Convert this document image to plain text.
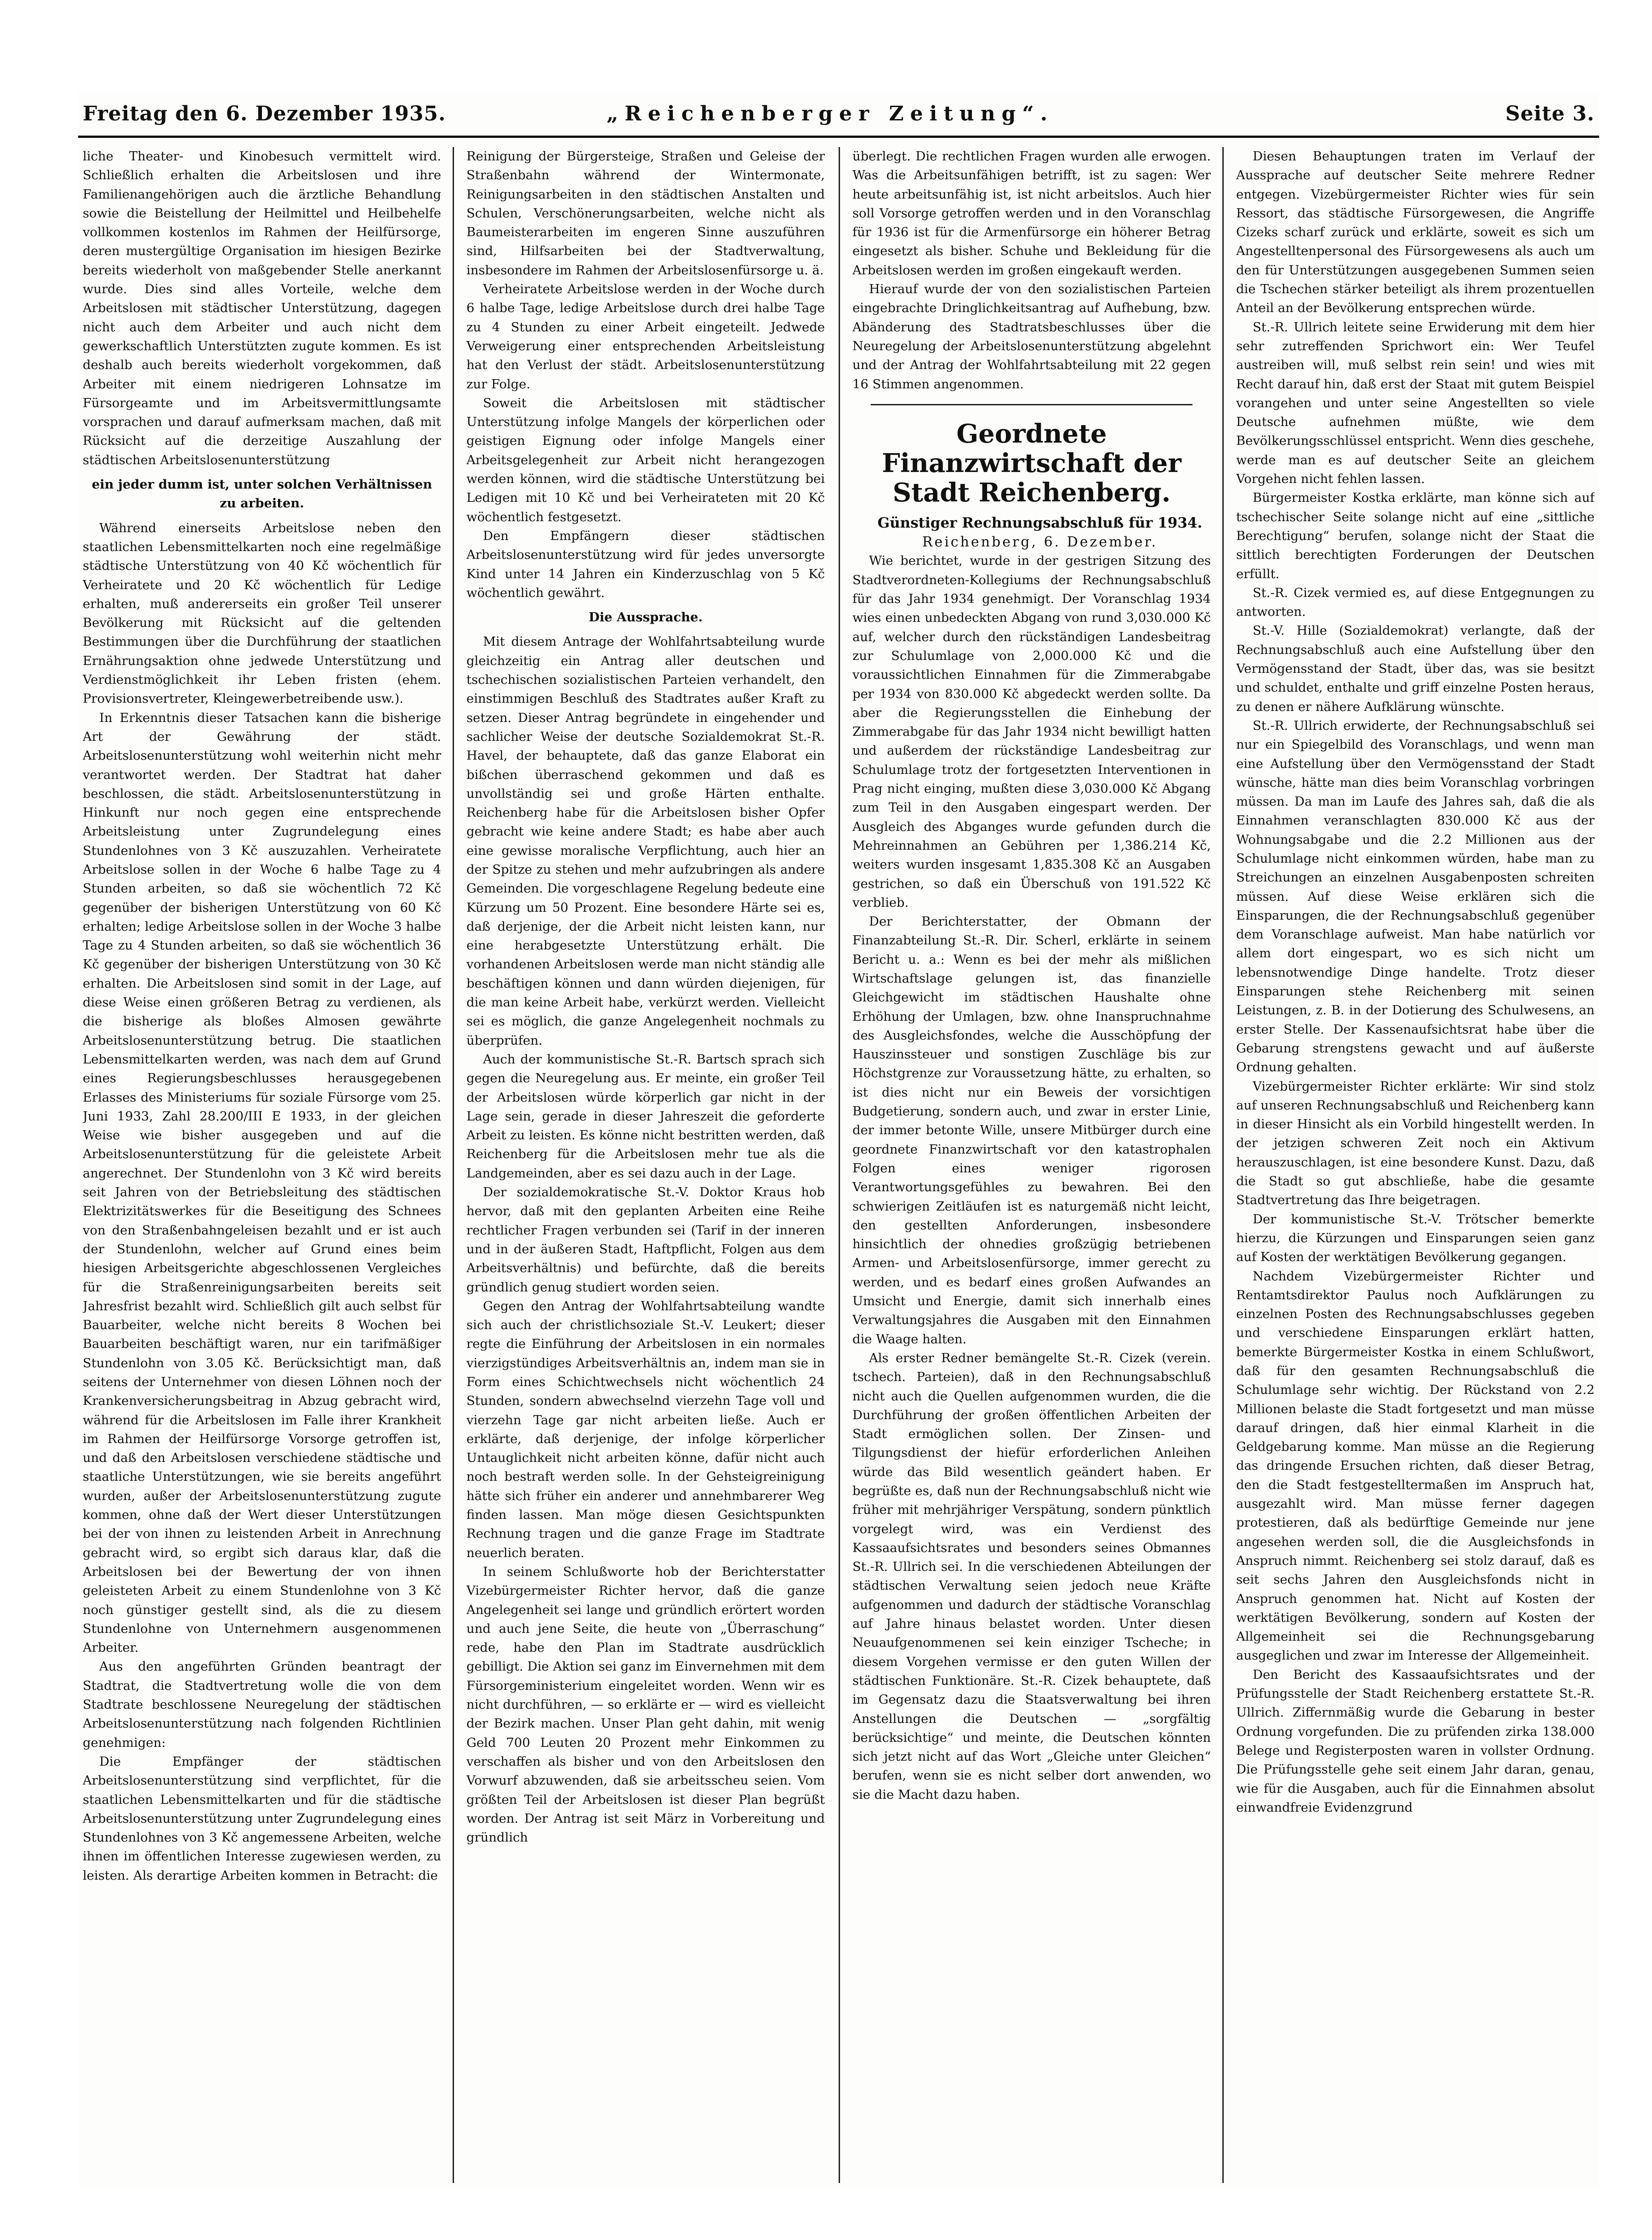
Freitag den 6. Dezember 1935.	„Reichenberger Zeitung“.	Seite 3.

liche Theater- und Kinobesuch vermittelt wird. Schließlich erhalten die Arbeitslosen und ihre Familienangehörigen auch die ärztliche Behandlung sowie die Beistellung der Heilmittel und Heilbehelfe vollkommen kostenlos im Rahmen der Heilfürsorge, deren mustergültige Organisation im hiesigen Bezirke bereits wiederholt von maßgebender Stelle anerkannt wurde. Dies sind alles Vorteile, welche dem Arbeitslosen mit städtischer Unterstützung, dagegen nicht auch dem Arbeiter und auch nicht dem gewerkschaftlich Unterstützten zugute kommen. Es ist deshalb auch bereits wiederholt vorgekommen, daß Arbeiter mit einem niedrigeren Lohnsatze im Fürsorgeamte und im Arbeitsvermittlungsamte vorsprachen und darauf aufmerksam machen, daß mit Rücksicht auf die derzeitige Auszahlung der städtischen Arbeitslosenunterstützung

ein jeder dumm ist, unter solchen Verhältnissen zu arbeiten.

Während einerseits Arbeitslose neben den staatlichen Lebensmittelkarten noch eine regelmäßige städtische Unterstützung von 40 Kč wöchentlich für Verheiratete und 20 Kč wöchentlich für Ledige erhalten, muß andererseits ein großer Teil unserer Bevölkerung mit Rücksicht auf die geltenden Bestimmungen über die Durchführung der staatlichen Ernährungsaktion ohne jedwede Unterstützung und Verdienstmöglichkeit ihr Leben fristen (ehem. Provisionsvertreter, Kleingewerbetreibende usw.).

In Erkenntnis dieser Tatsachen kann die bisherige Art der Gewährung der städt. Arbeitslosenunterstützung wohl weiterhin nicht mehr verantwortet werden. Der Stadtrat hat daher beschlossen, die städt. Arbeitslosenunterstützung in Hinkunft nur noch gegen eine entsprechende Arbeitsleistung unter Zugrundelegung eines Stundenlohnes von 3 Kč auszuzahlen. Verheiratete Arbeitslose sollen in der Woche 6 halbe Tage zu 4 Stunden arbeiten, so daß sie wöchentlich 72 Kč gegenüber der bisherigen Unterstützung von 60 Kč erhalten; ledige Arbeitslose sollen in der Woche 3 halbe Tage zu 4 Stunden arbeiten, so daß sie wöchentlich 36 Kč gegenüber der bisherigen Unterstützung von 30 Kč erhalten. Die Arbeitslosen sind somit in der Lage, auf diese Weise einen größeren Betrag zu verdienen, als die bisherige als bloßes Almosen gewährte Arbeitslosenunterstützung betrug. Die staatlichen Lebensmittelkarten werden, was nach dem auf Grund eines Regierungsbeschlusses herausgegebenen Erlasses des Ministeriums für soziale Fürsorge vom 25. Juni 1933, Zahl 28.200/III E 1933, in der gleichen Weise wie bisher ausgegeben und auf die Arbeitslosenunterstützung für die geleistete Arbeit angerechnet. Der Stundenlohn von 3 Kč wird bereits seit Jahren von der Betriebsleitung des städtischen Elektrizitätswerkes für die Beseitigung des Schnees von den Straßenbahngeleisen bezahlt und er ist auch der Stundenlohn, welcher auf Grund eines beim hiesigen Arbeitsgerichte abgeschlossenen Vergleiches für die Straßenreinigungsarbeiten bereits seit Jahresfrist bezahlt wird. Schließlich gilt auch selbst für Bauarbeiter, welche nicht bereits 8 Wochen bei Bauarbeiten beschäftigt waren, nur ein tarifmäßiger Stundenlohn von 3.05 Kč. Berücksichtigt man, daß seitens der Unternehmer von diesen Löhnen noch der Krankenversicherungsbeitrag in Abzug gebracht wird, während für die Arbeitslosen im Falle ihrer Krankheit im Rahmen der Heilfürsorge Vorsorge getroffen ist, und daß den Arbeitslosen verschiedene städtische und staatliche Unterstützungen, wie sie bereits angeführt wurden, außer der Arbeitslosenunterstützung zugute kommen, ohne daß der Wert dieser Unterstützungen bei der von ihnen zu leistenden Arbeit in Anrechnung gebracht wird, so ergibt sich daraus klar, daß die Arbeitslosen bei der Bewertung der von ihnen geleisteten Arbeit zu einem Stundenlohne von 3 Kč noch günstiger gestellt sind, als die zu diesem Stundenlohne von Unternehmern ausgenommenen Arbeiter.

Aus den angeführten Gründen beantragt der Stadtrat, die Stadtvertretung wolle die von dem Stadtrate beschlossene Neuregelung der städtischen Arbeitslosenunterstützung nach folgenden Richtlinien genehmigen:

Die Empfänger der städtischen Arbeitslosenunterstützung sind verpflichtet, für die staatlichen Lebensmittelkarten und für die städtische Arbeitslosenunterstützung unter Zugrundelegung eines Stundenlohnes von 3 Kč angemessene Arbeiten, welche ihnen im öffentlichen Interesse zugewiesen werden, zu leisten. Als derartige Arbeiten kommen in Betracht: die

Reinigung der Bürgersteige, Straßen und Geleise der Straßenbahn während der Wintermonate, Reinigungsarbeiten in den städtischen Anstalten und Schulen, Verschönerungsarbeiten, welche nicht als Baumeisterarbeiten im engeren Sinne auszuführen sind, Hilfsarbeiten bei der Stadtverwaltung, insbesondere im Rahmen der Arbeitslosenfürsorge u. ä.

Verheiratete Arbeitslose werden in der Woche durch 6 halbe Tage, ledige Arbeitslose durch drei halbe Tage zu 4 Stunden zu einer Arbeit eingeteilt. Jedwede Verweigerung einer entsprechenden Arbeitsleistung hat den Verlust der städt. Arbeitslosenunterstützung zur Folge.

Soweit die Arbeitslosen mit städtischer Unterstützung infolge Mangels der körperlichen oder geistigen Eignung oder infolge Mangels einer Arbeitsgelegenheit zur Arbeit nicht herangezogen werden können, wird die städtische Unterstützung bei Ledigen mit 10 Kč und bei Verheirateten mit 20 Kč wöchentlich festgesetzt.

Den Empfängern dieser städtischen Arbeitslosenunterstützung wird für jedes unversorgte Kind unter 14 Jahren ein Kinderzuschlag von 5 Kč wöchentlich gewährt.

Die Aussprache.

Mit diesem Antrage der Wohlfahrtsabteilung wurde gleichzeitig ein Antrag aller deutschen und tschechischen sozialistischen Parteien verhandelt, den einstimmigen Beschluß des Stadtrates außer Kraft zu setzen. Dieser Antrag begründete in eingehender und sachlicher Weise der deutsche Sozialdemokrat St.-R. Havel, der behauptete, daß das ganze Elaborat ein bißchen überraschend gekommen und daß es unvollständig sei und große Härten enthalte. Reichenberg habe für die Arbeitslosen bisher Opfer gebracht wie keine andere Stadt; es habe aber auch eine gewisse moralische Verpflichtung, auch hier an der Spitze zu stehen und mehr aufzubringen als andere Gemeinden. Die vorgeschlagene Regelung bedeute eine Kürzung um 50 Prozent. Eine besondere Härte sei es, daß derjenige, der die Arbeit nicht leisten kann, nur eine herabgesetzte Unterstützung erhält. Die vorhandenen Arbeitslosen werde man nicht ständig alle beschäftigen können und dann würden diejenigen, für die man keine Arbeit habe, verkürzt werden. Vielleicht sei es möglich, die ganze Angelegenheit nochmals zu überprüfen.

Auch der kommunistische St.-R. Bartsch sprach sich gegen die Neuregelung aus. Er meinte, ein großer Teil der Arbeitslosen würde körperlich gar nicht in der Lage sein, gerade in dieser Jahreszeit die geforderte Arbeit zu leisten. Es könne nicht bestritten werden, daß Reichenberg für die Arbeitslosen mehr tue als die Landgemeinden, aber es sei dazu auch in der Lage.

Der sozialdemokratische St.-V. Doktor Kraus hob hervor, daß mit den geplanten Arbeiten eine Reihe rechtlicher Fragen verbunden sei (Tarif in der inneren und in der äußeren Stadt, Haftpflicht, Folgen aus dem Arbeitsverhältnis) und befürchte, daß die bereits gründlich genug studiert worden seien.

Gegen den Antrag der Wohlfahrtsabteilung wandte sich auch der christlichsoziale St.-V. Leukert; dieser regte die Einführung der Arbeitslosen in ein normales vierzigstündiges Arbeitsverhältnis an, indem man sie in Form eines Schichtwechsels nicht wöchentlich 24 Stunden, sondern abwechselnd vierzehn Tage voll und vierzehn Tage gar nicht arbeiten ließe. Auch er erklärte, daß derjenige, der infolge körperlicher Untauglichkeit nicht arbeiten könne, dafür nicht auch noch bestraft werden solle. In der Gehsteigreinigung hätte sich früher ein anderer und annehmbarerer Weg finden lassen. Man möge diesen Gesichtspunkten Rechnung tragen und die ganze Frage im Stadtrate neuerlich beraten.

In seinem Schlußworte hob der Berichterstatter Vizebürgermeister Richter hervor, daß die ganze Angelegenheit sei lange und gründlich erörtert worden und auch jene Seite, die heute von „Überraschung“ rede, habe den Plan im Stadtrate ausdrücklich gebilligt. Die Aktion sei ganz im Einvernehmen mit dem Fürsorgeministerium eingeleitet worden. Wenn wir es nicht durchführen, — so erklärte er — wird es vielleicht der Bezirk machen. Unser Plan geht dahin, mit wenig Geld 700 Leuten 20 Prozent mehr Einkommen zu verschaffen als bisher und von den Arbeitslosen den Vorwurf abzuwenden, daß sie arbeitsscheu seien. Vom größten Teil der Arbeitslosen ist dieser Plan begrüßt worden. Der Antrag ist seit März in Vorbereitung und gründlich

überlegt. Die rechtlichen Fragen wurden alle erwogen. Was die Arbeitsunfähigen betrifft, ist zu sagen: Wer heute arbeitsunfähig ist, ist nicht arbeitslos. Auch hier soll Vorsorge getroffen werden und in den Voranschlag für 1936 ist für die Armenfürsorge ein höherer Betrag eingesetzt als bisher. Schuhe und Bekleidung für die Arbeitslosen werden im großen eingekauft werden.

Hierauf wurde der von den sozialistischen Parteien eingebrachte Dringlichkeitsantrag auf Aufhebung, bzw. Abänderung des Stadtratsbeschlusses über die Neuregelung der Arbeitslosenunterstützung abgelehnt und der Antrag der Wohlfahrtsabteilung mit 22 gegen 16 Stimmen angenommen.

Geordnete Finanzwirtschaft der Stadt Reichenberg.

Günstiger Rechnungsabschluß für 1934.

Reichenberg, 6. Dezember.

Wie berichtet, wurde in der gestrigen Sitzung des Stadtverordneten-Kollegiums der Rechnungsabschluß für das Jahr 1934 genehmigt. Der Voranschlag 1934 wies einen unbedeckten Abgang von rund 3,030.000 Kč auf, welcher durch den rückständigen Landesbeitrag zur Schulumlage von 2,000.000 Kč und die voraussichtlichen Einnahmen für die Zimmerabgabe per 1934 von 830.000 Kč abgedeckt werden sollte. Da aber die Regierungsstellen die Einhebung der Zimmerabgabe für das Jahr 1934 nicht bewilligt hatten und außerdem der rückständige Landesbeitrag zur Schulumlage trotz der fortgesetzten Interventionen in Prag nicht einging, mußten diese 3,030.000 Kč Abgang zum Teil in den Ausgaben eingespart werden. Der Ausgleich des Abganges wurde gefunden durch die Mehreinnahmen an Gebühren per 1,386.214 Kč, weiters wurden insgesamt 1,835.308 Kč an Ausgaben gestrichen, so daß ein Überschuß von 191.522 Kč verblieb.

Der Berichterstatter, der Obmann der Finanzabteilung St.-R. Dir. Scherl, erklärte in seinem Bericht u. a.: Wenn es bei der mehr als mißlichen Wirtschaftslage gelungen ist, das finanzielle Gleichgewicht im städtischen Haushalte ohne Erhöhung der Umlagen, bzw. ohne Inanspruchnahme des Ausgleichsfondes, welche die Ausschöpfung der Hauszinssteuer und sonstigen Zuschläge bis zur Höchstgrenze zur Voraussetzung hätte, zu erhalten, so ist dies nicht nur ein Beweis der vorsichtigen Budgetierung, sondern auch, und zwar in erster Linie, der immer betonte Wille, unsere Mitbürger durch eine geordnete Finanzwirtschaft vor den katastrophalen Folgen eines weniger rigorosen Verantwortungsgefühles zu bewahren. Bei den schwierigen Zeitläufen ist es naturgemäß nicht leicht, den gestellten Anforderungen, insbesondere hinsichtlich der ohnedies großzügig betriebenen Armen- und Arbeitslosenfürsorge, immer gerecht zu werden, und es bedarf eines großen Aufwandes an Umsicht und Energie, damit sich innerhalb eines Verwaltungsjahres die Ausgaben mit den Einnahmen die Waage halten.

Als erster Redner bemängelte St.-R. Cizek (verein. tschech. Parteien), daß in den Rechnungsabschluß nicht auch die Quellen aufgenommen wurden, die die Durchführung der großen öffentlichen Arbeiten der Stadt ermöglichen sollen. Der Zinsen- und Tilgungsdienst der hiefür erforderlichen Anleihen würde das Bild wesentlich geändert haben. Er begrüßte es, daß nun der Rechnungsabschluß nicht wie früher mit mehrjähriger Verspätung, sondern pünktlich vorgelegt wird, was ein Verdienst des Kassaaufsichtsrates und besonders seines Obmannes St.-R. Ullrich sei. In die verschiedenen Abteilungen der städtischen Verwaltung seien jedoch neue Kräfte aufgenommen und dadurch der städtische Voranschlag auf Jahre hinaus belastet worden. Unter diesen Neuaufgenommenen sei kein einziger Tscheche; in diesem Vorgehen vermisse er den guten Willen der städtischen Funktionäre. St.-R. Cizek behauptete, daß im Gegensatz dazu die Staatsverwaltung bei ihren Anstellungen die Deutschen — „sorgfältig berücksichtige“ und meinte, die Deutschen könnten sich jetzt nicht auf das Wort „Gleiche unter Gleichen“ berufen, wenn sie es nicht selber dort anwenden, wo sie die Macht dazu haben.

Diesen Behauptungen traten im Verlauf der Aussprache auf deutscher Seite mehrere Redner entgegen. Vizebürgermeister Richter wies für sein Ressort, das städtische Fürsorgewesen, die Angriffe Cizeks scharf zurück und erklärte, soweit es sich um Angestelltenpersonal des Fürsorgewesens als auch um den für Unterstützungen ausgegebenen Summen seien die Tschechen stärker beteiligt als ihrem prozentuellen Anteil an der Bevölkerung entsprechen würde.

St.-R. Ullrich leitete seine Erwiderung mit dem hier sehr zutreffenden Sprichwort ein: Wer Teufel austreiben will, muß selbst rein sein! und wies mit Recht darauf hin, daß erst der Staat mit gutem Beispiel vorangehen und unter seine Angestellten so viele Deutsche aufnehmen müßte, wie dem Bevölkerungsschlüssel entspricht. Wenn dies geschehe, werde man es auf deutscher Seite an gleichem Vorgehen nicht fehlen lassen.

Bürgermeister Kostka erklärte, man könne sich auf tschechischer Seite solange nicht auf eine „sittliche Berechtigung“ berufen, solange nicht der Staat die sittlich berechtigten Forderungen der Deutschen erfüllt.

St.-R. Cizek vermied es, auf diese Entgegnungen zu antworten.

St.-V. Hille (Sozialdemokrat) verlangte, daß der Rechnungsabschluß auch eine Aufstellung über den Vermögensstand der Stadt, über das, was sie besitzt und schuldet, enthalte und griff einzelne Posten heraus, zu denen er nähere Aufklärung wünschte.

St.-R. Ullrich erwiderte, der Rechnungsabschluß sei nur ein Spiegelbild des Voranschlags, und wenn man eine Aufstellung über den Vermögensstand der Stadt wünsche, hätte man dies beim Voranschlag vorbringen müssen. Da man im Laufe des Jahres sah, daß die als Einnahmen veranschlagten 830.000 Kč aus der Wohnungsabgabe und die 2.2 Millionen aus der Schulumlage nicht einkommen würden, habe man zu Streichungen an einzelnen Ausgabenposten schreiten müssen. Auf diese Weise erklären sich die Einsparungen, die der Rechnungsabschluß gegenüber dem Voranschlage aufweist. Man habe natürlich vor allem dort eingespart, wo es sich nicht um lebensnotwendige Dinge handelte. Trotz dieser Einsparungen stehe Reichenberg mit seinen Leistungen, z. B. in der Dotierung des Schulwesens, an erster Stelle. Der Kassenaufsichtsrat habe über die Gebarung strengstens gewacht und auf äußerste Ordnung gehalten.

Vizebürgermeister Richter erklärte: Wir sind stolz auf unseren Rechnungsabschluß und Reichenberg kann in dieser Hinsicht als ein Vorbild hingestellt werden. In der jetzigen schweren Zeit noch ein Aktivum herauszuschlagen, ist eine besondere Kunst. Dazu, daß die Stadt so gut abschließe, habe die gesamte Stadtvertretung das Ihre beigetragen.

Der kommunistische St.-V. Trötscher bemerkte hierzu, die Kürzungen und Einsparungen seien ganz auf Kosten der werktätigen Bevölkerung gegangen.

Nachdem Vizebürgermeister Richter und Rentamtsdirektor Paulus noch Aufklärungen zu einzelnen Posten des Rechnungsabschlusses gegeben und verschiedene Einsparungen erklärt hatten, bemerkte Bürgermeister Kostka in einem Schlußwort, daß für den gesamten Rechnungsabschluß die Schulumlage sehr wichtig. Der Rückstand von 2.2 Millionen belaste die Stadt fortgesetzt und man müsse darauf dringen, daß hier einmal Klarheit in die Geldgebarung komme. Man müsse an die Regierung das dringende Ersuchen richten, daß dieser Betrag, den die Stadt festgestelltermaßen im Anspruch hat, ausgezahlt wird. Man müsse ferner dagegen protestieren, daß als bedürftige Gemeinde nur jene angesehen werden soll, die die Ausgleichsfonds in Anspruch nimmt. Reichenberg sei stolz darauf, daß es seit sechs Jahren den Ausgleichsfonds nicht in Anspruch genommen hat. Nicht auf Kosten der werktätigen Bevölkerung, sondern auf Kosten der Allgemeinheit sei die Rechnungsgebarung ausgeglichen und zwar im Interesse der Allgemeinheit.

Den Bericht des Kassaaufsichtsrates und der Prüfungsstelle der Stadt Reichenberg erstattete St.-R. Ullrich. Ziffernmäßig wurde die Gebarung in bester Ordnung vorgefunden. Die zu prüfenden zirka 138.000 Belege und Registerposten waren in vollster Ordnung. Die Prüfungsstelle gehe seit einem Jahr daran, genau, wie für die Ausgaben, auch für die Einnahmen absolut einwandfreie Evidenzgrund
